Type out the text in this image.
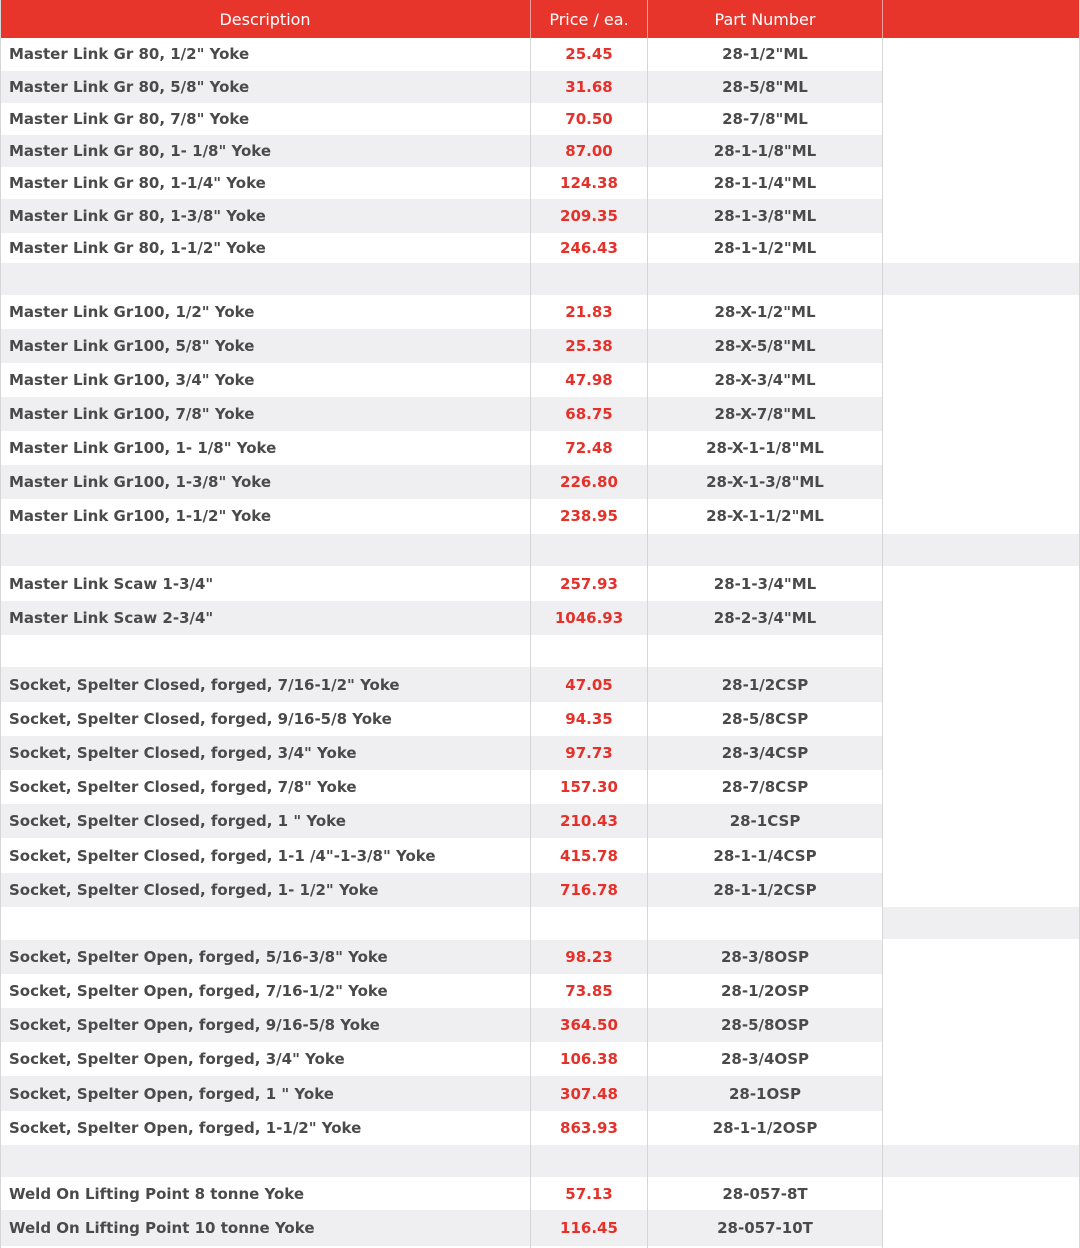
Description	Price / ea.	Part Number
Master Link Gr 80, 1/2" Yoke	25.45	28-1/2"ML
Master Link Gr 80, 5/8" Yoke	31.68	28-5/8"ML
Master Link Gr 80, 7/8" Yoke	70.50	28-7/8"ML
Master Link Gr 80, 1- 1/8" Yoke	87.00	28-1-1/8"ML
Master Link Gr 80, 1-1/4" Yoke	124.38	28-1-1/4"ML
Master Link Gr 80, 1-3/8" Yoke	209.35	28-1-3/8"ML
Master Link Gr 80, 1-1/2" Yoke	246.43	28-1-1/2"ML
Master Link Gr100, 1/2" Yoke	21.83	28-X-1/2"ML
Master Link Gr100, 5/8" Yoke	25.38	28-X-5/8"ML
Master Link Gr100, 3/4" Yoke	47.98	28-X-3/4"ML
Master Link Gr100, 7/8" Yoke	68.75	28-X-7/8"ML
Master Link Gr100, 1- 1/8" Yoke	72.48	28-X-1-1/8"ML
Master Link Gr100, 1-3/8" Yoke	226.80	28-X-1-3/8"ML
Master Link Gr100, 1-1/2" Yoke	238.95	28-X-1-1/2"ML
Master Link Scaw 1-3/4"	257.93	28-1-3/4"ML
Master Link Scaw 2-3/4"	1046.93	28-2-3/4"ML
Socket, Spelter Closed, forged, 7/16-1/2" Yoke	47.05	28-1/2CSP
Socket, Spelter Closed, forged, 9/16-5/8 Yoke	94.35	28-5/8CSP
Socket, Spelter Closed, forged, 3/4" Yoke	97.73	28-3/4CSP
Socket, Spelter Closed, forged, 7/8" Yoke	157.30	28-7/8CSP
Socket, Spelter Closed, forged, 1 " Yoke	210.43	28-1CSP
Socket, Spelter Closed, forged, 1-1 /4"-1-3/8" Yoke	415.78	28-1-1/4CSP
Socket, Spelter Closed, forged, 1- 1/2" Yoke	716.78	28-1-1/2CSP
Socket, Spelter Open, forged, 5/16-3/8" Yoke	98.23	28-3/8OSP
Socket, Spelter Open, forged, 7/16-1/2" Yoke	73.85	28-1/2OSP
Socket, Spelter Open, forged, 9/16-5/8 Yoke	364.50	28-5/8OSP
Socket, Spelter Open, forged, 3/4" Yoke	106.38	28-3/4OSP
Socket, Spelter Open, forged, 1 " Yoke	307.48	28-1OSP
Socket, Spelter Open, forged, 1-1/2" Yoke	863.93	28-1-1/2OSP
Weld On Lifting Point 8 tonne Yoke	57.13	28-057-8T
Weld On Lifting Point 10 tonne Yoke	116.45	28-057-10T
